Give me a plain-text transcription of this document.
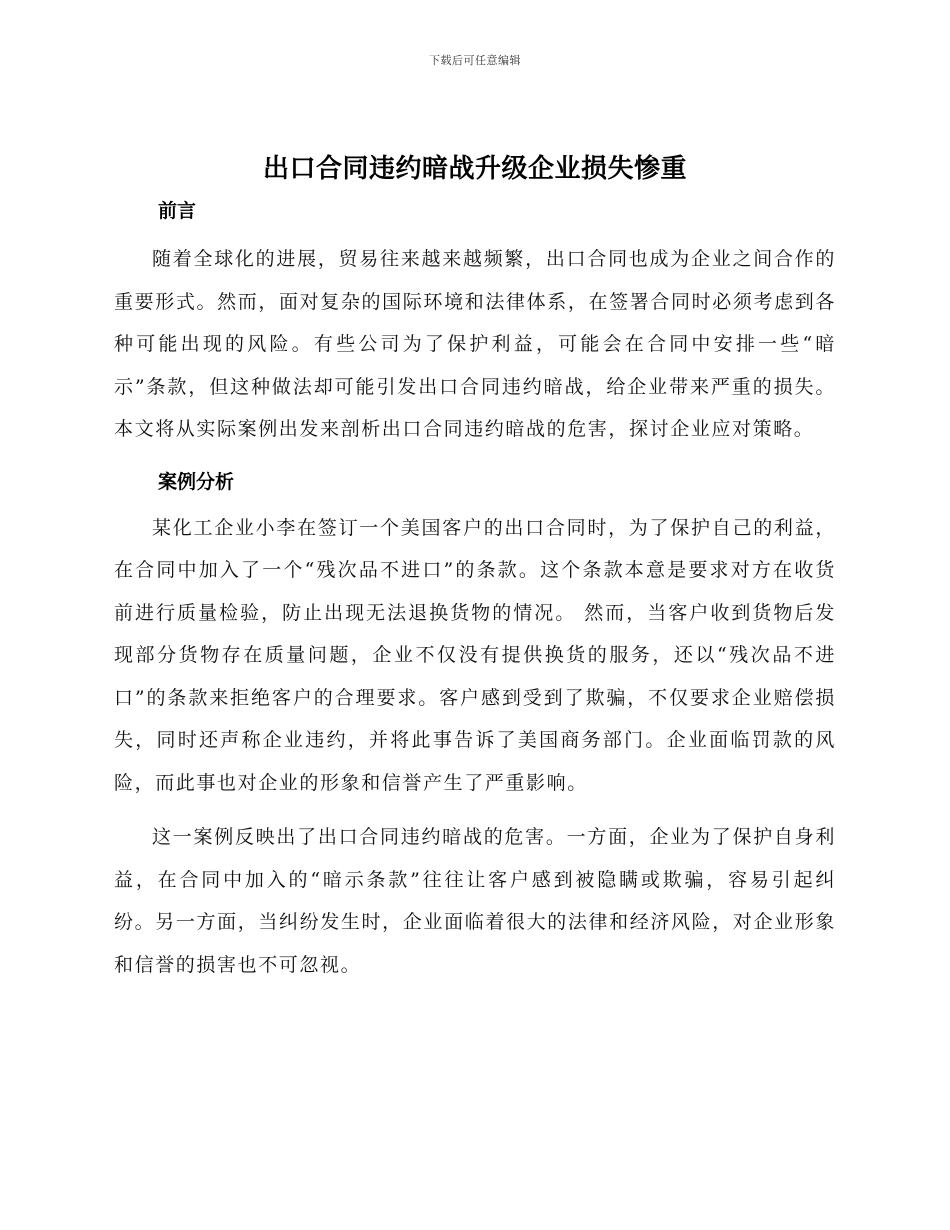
下载后可任意编辑
出口合同违约暗战升级企业损失惨重
前言

随着全球化的进展，贸易往来越来越频繁，出口合同也成为企业之间合作的重要形式。然而，面对复杂的国际环境和法律体系，在签署合同时必须考虑到各种可能出现的风险。有些公司为了保护利益，可能会在合同中安排一些“暗示”条款，但这种做法却可能引发出口合同违约暗战，给企业带来严重的损失。本文将从实际案例出发来剖析出口合同违约暗战的危害，探讨企业应对策略。

案例分析

某化工企业小李在签订一个美国客户的出口合同时，为了保护自己的利益，在合同中加入了一个“残次品不进口”的条款。这个条款本意是要求对方在收货前进行质量检验，防止出现无法退换货物的情况。 然而，当客户收到货物后发现部分货物存在质量问题，企业不仅没有提供换货的服务，还以“残次品不进口”的条款来拒绝客户的合理要求。客户感到受到了欺骗，不仅要求企业赔偿损失，同时还声称企业违约，并将此事告诉了美国商务部门。企业面临罚款的风险，而此事也对企业的形象和信誉产生了严重影响。

这一案例反映出了出口合同违约暗战的危害。一方面，企业为了保护自身利益，在合同中加入的“暗示条款”往往让客户感到被隐瞒或欺骗，容易引起纠纷。另一方面，当纠纷发生时，企业面临着很大的法律和经济风险，对企业形象和信誉的损害也不可忽视。
